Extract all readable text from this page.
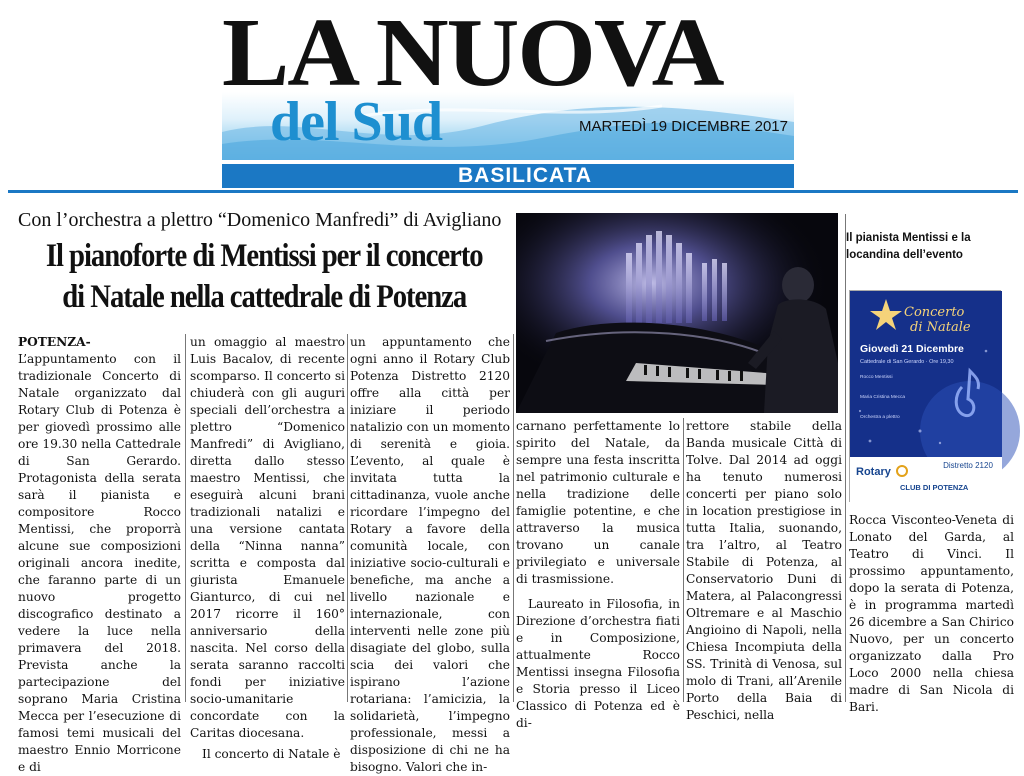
LA NUOVA
del Sud	MARTEDÌ 19 DICEMBRE 2017
BASILICATA
Con l’orchestra a plettro “Domenico Manfredi” di Avigliano
Il pianoforte di Mentissi per il concerto
di Natale nella cattedrale di Potenza
Il pianista Mentissi e la locandina dell’evento
Concerto
di Natale
Giovedì 21 Dicembre
Cattedrale di San Gerardo · Ore 19,30
Rocco Mentissi
Maria Cristina Mecca
Orchestra a plettro
Rotary
Distretto 2120
CLUB DI POTENZA

POTENZA- L’appuntamento con il tradizionale Concerto di Natale organizzato dal Rotary Club di Potenza è per giovedì prossimo alle ore 19.30 nella Cattedrale di San Gerardo. Protagonista della serata sarà il pianista e compositore Rocco Mentissi, che proporrà alcune sue composizioni originali ancora inedite, che faranno parte di un nuovo progetto discografico destinato a vedere la luce nella primavera del 2018. Prevista anche la partecipazione del soprano Maria Cristina Mecca per l’esecuzione di famosi temi musicali del maestro Ennio Morricone e di

un omaggio al maestro Luis Bacalov, di recente scomparso. Il concerto si chiuderà con gli auguri speciali dell’orchestra a plettro “Domenico Manfredi” di Avigliano, diretta dallo stesso maestro Mentissi, che eseguirà alcuni brani tradizionali natalizi e una versione cantata della “Ninna nanna” scritta e composta dal giurista Emanuele Gianturco, di cui nel 2017 ricorre il 160° anniversario della nascita. Nel corso della serata saranno raccolti fondi per iniziative socio-umanitarie concordate con la Caritas diocesana.

Il concerto di Natale è

un appuntamento che ogni anno il Rotary Club Potenza Distretto 2120 offre alla città per iniziare il periodo natalizio con un momento di serenità e gioia. L’evento, al quale è invitata tutta la cittadinanza, vuole anche ricordare l’impegno del Rotary a favore della comunità locale, con iniziative socio-culturali e benefiche, ma anche a livello nazionale e internazionale, con interventi nelle zone più disagiate del globo, sulla scia dei valori che ispirano l’azione rotariana: l’amicizia, la solidarietà, l’impegno professionale, messi a disposizione di chi ne ha bisogno. Valori che in-

carnano perfettamente lo spirito del Natale, da sempre una festa inscritta nel patrimonio culturale e nella tradizione delle famiglie potentine, e che attraverso la musica trovano un canale privilegiato e universale di trasmissione.

Laureato in Filosofia, in Direzione d’orchestra fiati e in Composizione, attualmente Rocco Mentissi insegna Filosofia e Storia presso il Liceo Classico di Potenza ed è di-

rettore stabile della Banda musicale Città di Tolve. Dal 2014 ad oggi ha tenuto numerosi concerti per piano solo in location prestigiose in tutta Italia, suonando, tra l’altro, al Teatro Stabile di Potenza, al Conservatorio Duni di Matera, al Palacongressi Oltremare e al Maschio Angioino di Napoli, nella Chiesa Incompiuta della SS. Trinità di Venosa, sul molo di Trani, all’Arenile Porto della Baia di Peschici, nella

Rocca Visconteo-Veneta di Lonato del Garda, al Teatro di Vinci. Il prossimo appuntamento, dopo la serata di Potenza, è in programma martedì 26 dicembre a San Chirico Nuovo, per un concerto organizzato dalla Pro Loco 2000 nella chiesa madre di San Nicola di Bari.
